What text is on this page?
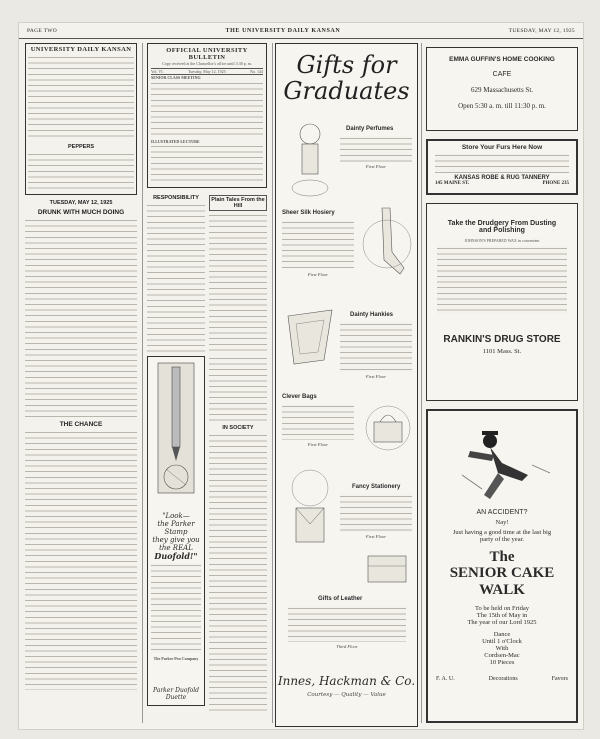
PAGE TWO	THE UNIVERSITY DAILY KANSAN	TUESDAY, MAY 12, 1925
UNIVERSITY DAILY KANSAN
PEPPERS
TUESDAY, MAY 12, 1925
DRUNK WITH MUCH DOING
THE CHANCE
OFFICIAL UNIVERSITY BULLETIN
Copy received at the Chancellor's office until 3:30 p. m.
Vol. VI.	Tuesday, May 12, 1925	No. 144
SENIOR CLASS MEETING
ILLUSTRATED LECTURE
RESPONSIBILITY	Plain Tales From the Hill
"Look—
the Parker Stamp
they give you
the REAL
Duofold!"
The Parker Pen Company
Parker Duofold Duette
IN SOCIETY
Gifts for Graduates
Dainty Perfumes
First Floor
Sheer Silk Hosiery
First Floor
Dainty Hankies
First Floor
Clever Bags
First Floor
Fancy Stationery
First Floor
Gifts of Leather
Third Floor
Innes, Hackman & Co.
Courtesy — Quality — Value
EMMA GUFFIN'S HOME COOKING
CAFE
629 Massachusetts St.
Open 5:30 a. m. till 11:30 p. m.
Store Your Furs Here Now
KANSAS ROBE & RUG TANNERY
145 MAINE ST.	PHONE 235
Take the Drudgery From Dusting
and Polishing
JOHNSON'S PREPARED WAX in convenient
RANKIN'S DRUG STORE
1101 Mass. St.
AN ACCIDENT?
Nay!
Just having a good time at the last big
party of the year.
The
SENIOR CAKE
WALK
To be held on Friday
The 15th of May in
The year of our Lord 1925
Dance
Until 1 o'Clock
With
Cordsen-Mac
10 Pieces
F. A. U.	Decorations	Favors
